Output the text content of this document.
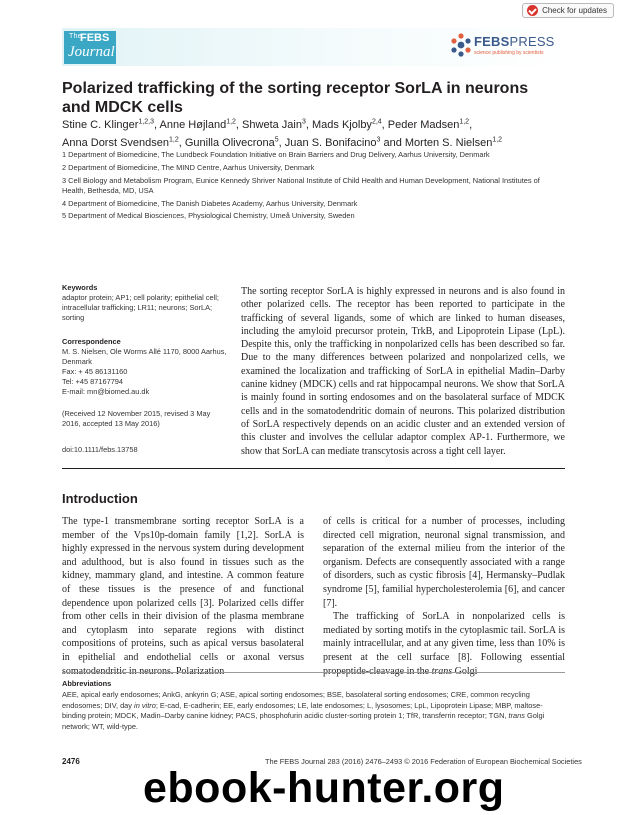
Check for updates
The
FEBS
Journal
FEBSPRESS
science publishing by scientists
Polarized trafficking of the sorting receptor SorLA in neurons and MDCK cells
Stine C. Klinger$^{1,2,3}$, Anne Højland$^{1,2}$, Shweta Jain$^3$, Mads Kjolby$^{2,4}$, Peder Madsen$^{1,2}$,
Anna Dorst Svendsen$^{1,2}$, Gunilla Olivecrona$^5$, Juan S. Bonifacino$^3$ and Morten S. Nielsen$^{1,2}$
1 Department of Biomedicine, The Lundbeck Foundation Initiative on Brain Barriers and Drug Delivery, Aarhus University, Denmark
2 Department of Biomedicine, The MIND Centre, Aarhus University, Denmark
3 Cell Biology and Metabolism Program, Eunice Kennedy Shriver National Institute of Child Health and Human Development, National Institutes of Health, Bethesda, MD, USA
4 Department of Biomedicine, The Danish Diabetes Academy, Aarhus University, Denmark
5 Department of Medical Biosciences, Physiological Chemistry, Umeå University, Sweden
Keywords
adaptor protein; AP1; cell polarity; epithelial cell; intracellular trafficking; LR11; neurons; SorLA; sorting
Correspondence
M. S. Nielsen, Ole Worms Allé 1170, 8000 Aarhus, Denmark
Fax: + 45 86131160
Tel: +45 87167794
E-mail: mn@biomed.au.dk
(Received 12 November 2015, revised 3 May 2016, accepted 13 May 2016)
doi:10.1111/febs.13758
The sorting receptor SorLA is highly expressed in neurons and is also found in other polarized cells. The receptor has been reported to participate in the trafficking of several ligands, some of which are linked to human diseases, including the amyloid precursor protein, TrkB, and Lipoprotein Lipase (LpL). Despite this, only the trafficking in nonpolarized cells has been described so far. Due to the many differences between polarized and nonpolarized cells, we examined the localization and trafficking of SorLA in epithelial Madin–Darby canine kidney (MDCK) cells and rat hippocampal neurons. We show that SorLA is mainly found in sorting endosomes and on the basolateral surface of MDCK cells and in the somatodendritic domain of neurons. This polarized distribution of SorLA respectively depends on an acidic cluster and an extended version of this cluster and involves the cellular adaptor complex AP-1. Furthermore, we show that SorLA can mediate transcytosis across a tight cell layer.
Introduction

The type-1 transmembrane sorting receptor SorLA is a member of the Vps10p-domain family [1,2]. SorLA is highly expressed in the nervous system during development and adulthood, but is also found in tissues such as the kidney, mammary gland, and intestine. A common feature of these tissues is the presence of and functional dependence upon polarized cells [3]. Polarized cells differ from other cells in their division of the plasma membrane and cytoplasm into separate regions with distinct compositions of proteins, such as apical versus basolateral in epithelial and endothelial cells or axonal versus

of cells is critical for a number of processes, including directed cell migration, neuronal signal transmission, and separation of the external milieu from the interior of the organism. Defects are consequently associated with a range of disorders, such as cystic fibrosis [4], Hermansky–Pudlak syndrome [5], familial hypercholesterolemia [6], and cancer [7].

The trafficking of SorLA in nonpolarized cells is mediated by sorting motifs in the cytoplasmic tail. SorLA is mainly intracellular, and at any given time, less than 10% is present at the cell surface [8]. Following essential

Abbreviations
AEE, apical early endosomes; AnkG, ankyrin G; ASE, apical sorting endosomes; BSE, basolateral sorting endosomes; CRE, common recycling endosomes; DIV, day in vitro; E-cad, E-cadherin; EE, early endosomes; LE, late endosomes; L, lysosomes; LpL, Lipoprotein Lipase; MBP, maltose-binding protein; MDCK, Madin–Darby canine kidney; PACS, phosphofurin acidic cluster-sorting protein 1; TfR, transferrin receptor; TGN, trans Golgi network; WT, wild-type.
2476	The FEBS Journal 283 (2016) 2476–2493 © 2016 Federation of European Biochemical Societies
ebook-hunter.org
